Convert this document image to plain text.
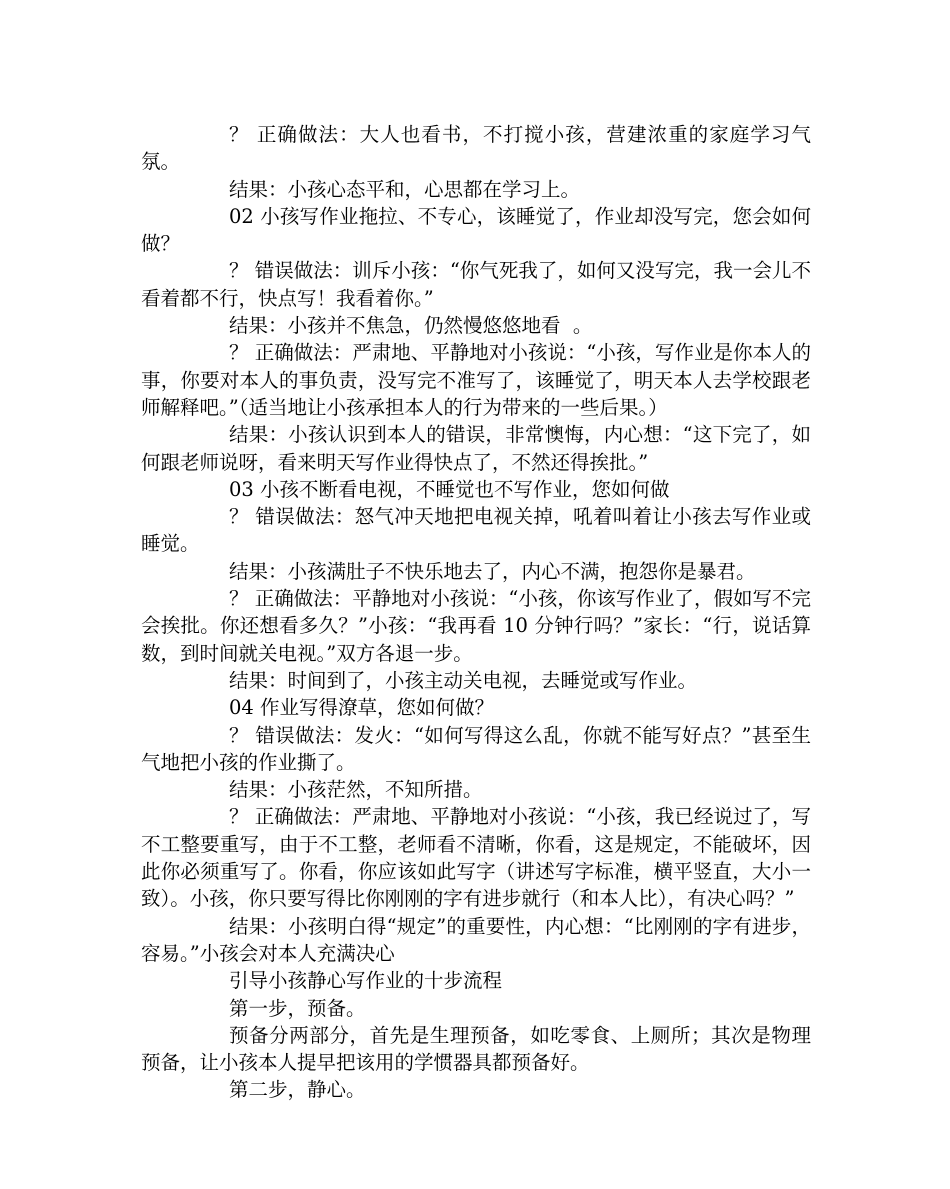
？ 正确做法：大人也看书，不打搅小孩，营建浓重的家庭学习气氛。

结果：小孩心态平和，心思都在学习上。

02 小孩写作业拖拉、不专心，该睡觉了，作业却没写完，您会如何做？

？ 错误做法：训斥小孩：“你气死我了，如何又没写完，我一会儿不看着都不行，快点写！我看着你。”

结果：小孩并不焦急，仍然慢悠悠地看  。

？ 正确做法：严肃地、平静地对小孩说：“小孩，写作业是你本人的事，你要对本人的事负责，没写完不准写了，该睡觉了，明天本人去学校跟老师解释吧。”（适当地让小孩承担本人的行为带来的一些后果。）

结果：小孩认识到本人的错误，非常懊悔，内心想：“这下完了，如何跟老师说呀，看来明天写作业得快点了，不然还得挨批。”

03 小孩不断看电视，不睡觉也不写作业，您如何做

？ 错误做法：怒气冲天地把电视关掉，吼着叫着让小孩去写作业或睡觉。

结果：小孩满肚子不快乐地去了，内心不满，抱怨你是暴君。

？ 正确做法：平静地对小孩说：“小孩，你该写作业了，假如写不完会挨批。你还想看多久？”小孩：“我再看 10 分钟行吗？”家长：“行，说话算数，到时间就关电视。”双方各退一步。

结果：时间到了，小孩主动关电视，去睡觉或写作业。

04 作业写得潦草，您如何做？

？ 错误做法：发火：“如何写得这么乱，你就不能写好点？”甚至生气地把小孩的作业撕了。

结果：小孩茫然，不知所措。

？ 正确做法：严肃地、平静地对小孩说：“小孩，我已经说过了，写不工整要重写，由于不工整，老师看不清晰，你看，这是规定，不能破坏，因此你必须重写了。你看，你应该如此写字（讲述写字标准，横平竖直，大小一致）。小孩，你只要写得比你刚刚的字有进步就行（和本人比），有决心吗？”

结果：小孩明白得“规定”的重要性，内心想：“比刚刚的字有进步，容易。”小孩会对本人充满决心

引导小孩静心写作业的十步流程

第一步，预备。

预备分两部分，首先是生理预备，如吃零食、上厕所；其次是物理预备，让小孩本人提早把该用的学惯器具都预备好。

第二步，静心。
